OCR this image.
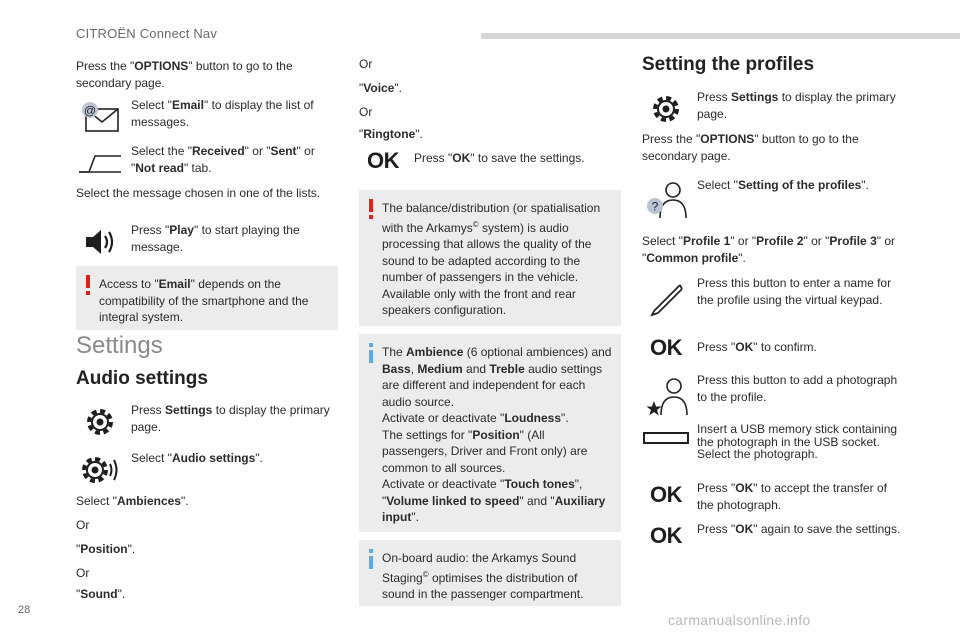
CITROËN Connect Nav
Press the "OPTIONS" button to go to the secondary page.
@	Select "Email" to display the list of messages.
Select the "Received" or "Sent" or "Not read" tab.
Select the message chosen in one of the lists.
Press "Play" to start playing the message.
Access to "Email" depends on the compatibility of the smartphone and the integral system.
Settings
Audio settings
Press Settings to display the primary page.
Select "Audio settings".
Select "Ambiences".
Or
"Position".
Or
"Sound".
Or
"Voice".
Or
"Ringtone".
OK	Press "OK" to save the settings.
The balance/distribution (or spatialisation with the Arkamys© system) is audio processing that allows the quality of the sound to be adapted according to the number of passengers in the vehicle. Available only with the front and rear speakers configuration.
The Ambience (6 optional ambiences) and Bass, Medium and Treble audio settings are different and independent for each audio source.
Activate or deactivate "Loudness".
The settings for "Position" (All passengers, Driver and Front only) are common to all sources.
Activate or deactivate "Touch tones", "Volume linked to speed" and "Auxiliary input".
On-board audio: the Arkamys Sound Staging© optimises the distribution of sound in the passenger compartment.
Setting the profiles
Press Settings to display the primary page.
Press the "OPTIONS" button to go to the secondary page.
?
Select "Setting of the profiles".
Select "Profile 1" or "Profile 2" or "Profile 3" or "Common profile".
Press this button to enter a name for the profile using the virtual keypad.
OK	Press "OK" to confirm.
Press this button to add a photograph to the profile.
Insert a USB memory stick containing the photograph in the USB socket.
Select the photograph.
OK	Press "OK" to accept the transfer of the photograph.
OK	Press "OK" again to save the settings.
28
carmanualsonline.info
